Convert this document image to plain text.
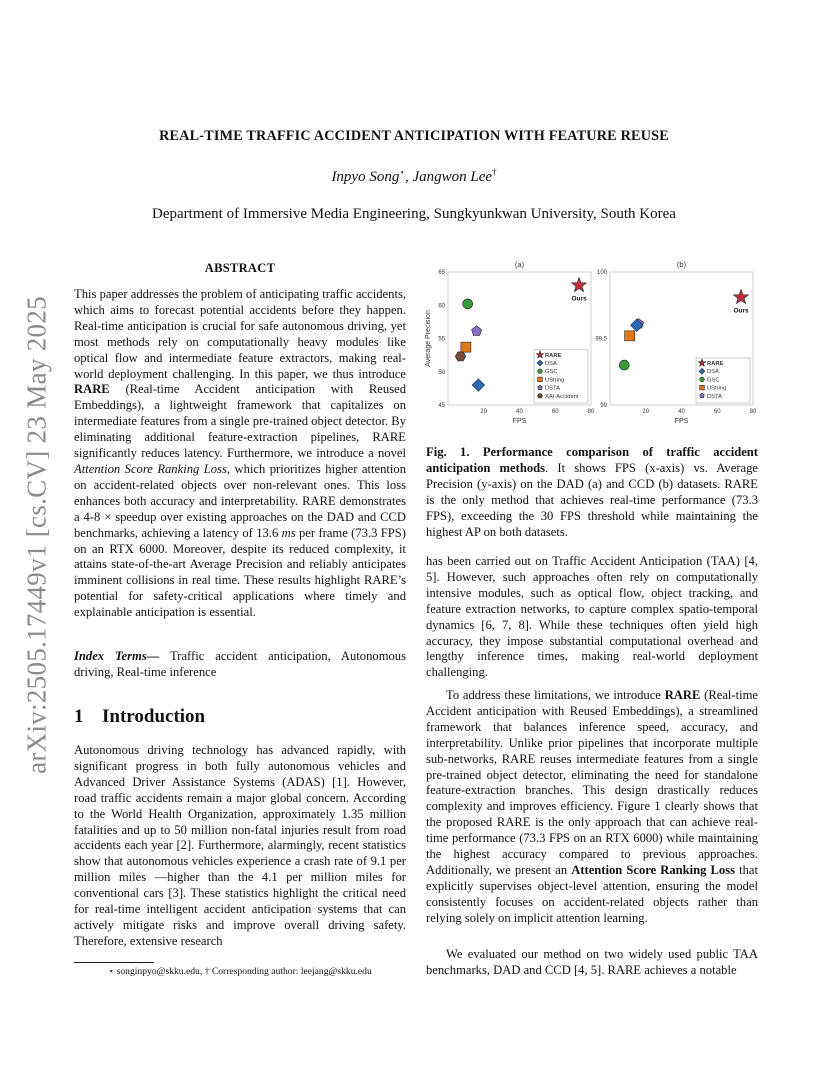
arXiv:2505.17449v1 [cs.CV] 23 May 2025
REAL-TIME TRAFFIC ACCIDENT ANTICIPATION WITH FEATURE REUSE
Inpyo Song⋆, Jangwon Lee†
Department of Immersive Media Engineering, Sungkyunkwan University, South Korea
ABSTRACT
This paper addresses the problem of anticipating traffic accidents, which aims to forecast potential accidents before they happen. Real-time anticipation is crucial for safe autonomous driving, yet most methods rely on computationally heavy modules like optical flow and intermediate feature extractors, making real-world deployment challenging. In this paper, we thus introduce RARE (Real-time Accident anticipation with Reused Embeddings), a lightweight framework that capitalizes on intermediate features from a single pre-trained object detector. By eliminating additional feature-extraction pipelines, RARE significantly reduces latency. Furthermore, we introduce a novel Attention Score Ranking Loss, which prioritizes higher attention on accident-related objects over non-relevant ones. This loss enhances both accuracy and interpretability. RARE demonstrates a 4-8 × speedup over existing approaches on the DAD and CCD benchmarks, achieving a latency of 13.6 ms per frame (73.3 FPS) on an RTX 6000. Moreover, despite its reduced complexity, it attains state-of-the-art Average Precision and reliably anticipates imminent collisions in real time. These results highlight RARE’s potential for safety-critical applications where timely and explainable anticipation is essential.
Index Terms— Traffic accident anticipation, Autonomous driving, Real-time inference
1 Introduction
Autonomous driving technology has advanced rapidly, with significant progress in both fully autonomous vehicles and Advanced Driver Assistance Systems (ADAS) [1]. However, road traffic accidents remain a major global concern. According to the World Health Organization, approximately 1.35 million fatalities and up to 50 million non-fatal injuries result from road accidents each year [2]. Furthermore, alarmingly, recent statistics show that autonomous vehicles experience a crash rate of 9.1 per million miles —higher than the 4.1 per million miles for conventional cars [3]. These statistics highlight the critical need for real-time intelligent accident anticipation systems that can actively mitigate risks and improve overall driving safety. Therefore, extensive research
⋆ songinpyo@skku.edu, † Corresponding author: leejang@skku.edu
(a)
FPS
Average Precision
20	40	60	80
45
50
55
60
65
Ours
RARE
DSA
GSC
UString
DSTA
XAI-Accident
(b)
FPS
20	40	60	80
99
99.5
100
Ours
RARE
DSA
GSC
UString
DSTA
Fig. 1. Performance comparison of traffic accident anticipation methods. It shows FPS (x-axis) vs. Average Precision (y-axis) on the DAD (a) and CCD (b) datasets. RARE is the only method that achieves real-time performance (73.3 FPS), exceeding the 30 FPS threshold while maintaining the highest AP on both datasets.
has been carried out on Traffic Accident Anticipation (TAA) [4, 5]. However, such approaches often rely on computationally intensive modules, such as optical flow, object tracking, and feature extraction networks, to capture complex spatio-temporal dynamics [6, 7, 8]. While these techniques often yield high accuracy, they impose substantial computational overhead and lengthy inference times, making real-world deployment challenging.
To address these limitations, we introduce RARE (Real-time Accident anticipation with Reused Embeddings), a streamlined framework that balances inference speed, accuracy, and interpretability. Unlike prior pipelines that incorporate multiple sub-networks, RARE reuses intermediate features from a single pre-trained object detector, eliminating the need for standalone feature-extraction branches. This design drastically reduces complexity and improves efficiency. Figure 1 clearly shows that the proposed RARE is the only approach that can achieve real-time performance (73.3 FPS on an RTX 6000) while maintaining the highest accuracy compared to previous approaches. Additionally, we present an Attention Score Ranking Loss that explicitly supervises object-level attention, ensuring the model consistently focuses on accident-related objects rather than relying solely on implicit attention learning.
We evaluated our method on two widely used public TAA benchmarks, DAD and CCD [4, 5]. RARE achieves a notable
